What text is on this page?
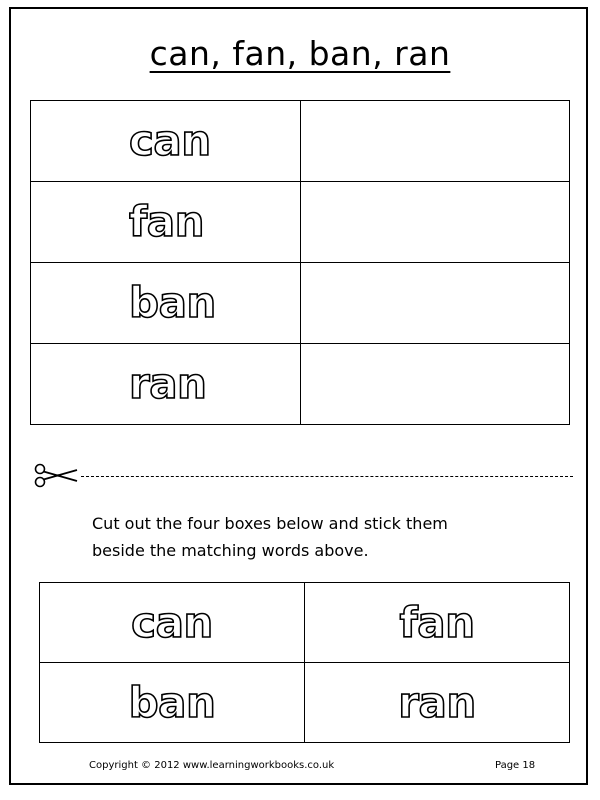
can, fan, ban, ran
can	
fan	
ban	
ran	
Cut out the four boxes below and stick them
beside the matching words above.
can	fan
ban	ran
Copyright © 2012 www.learningworkbooks.co.uk	Page 18
